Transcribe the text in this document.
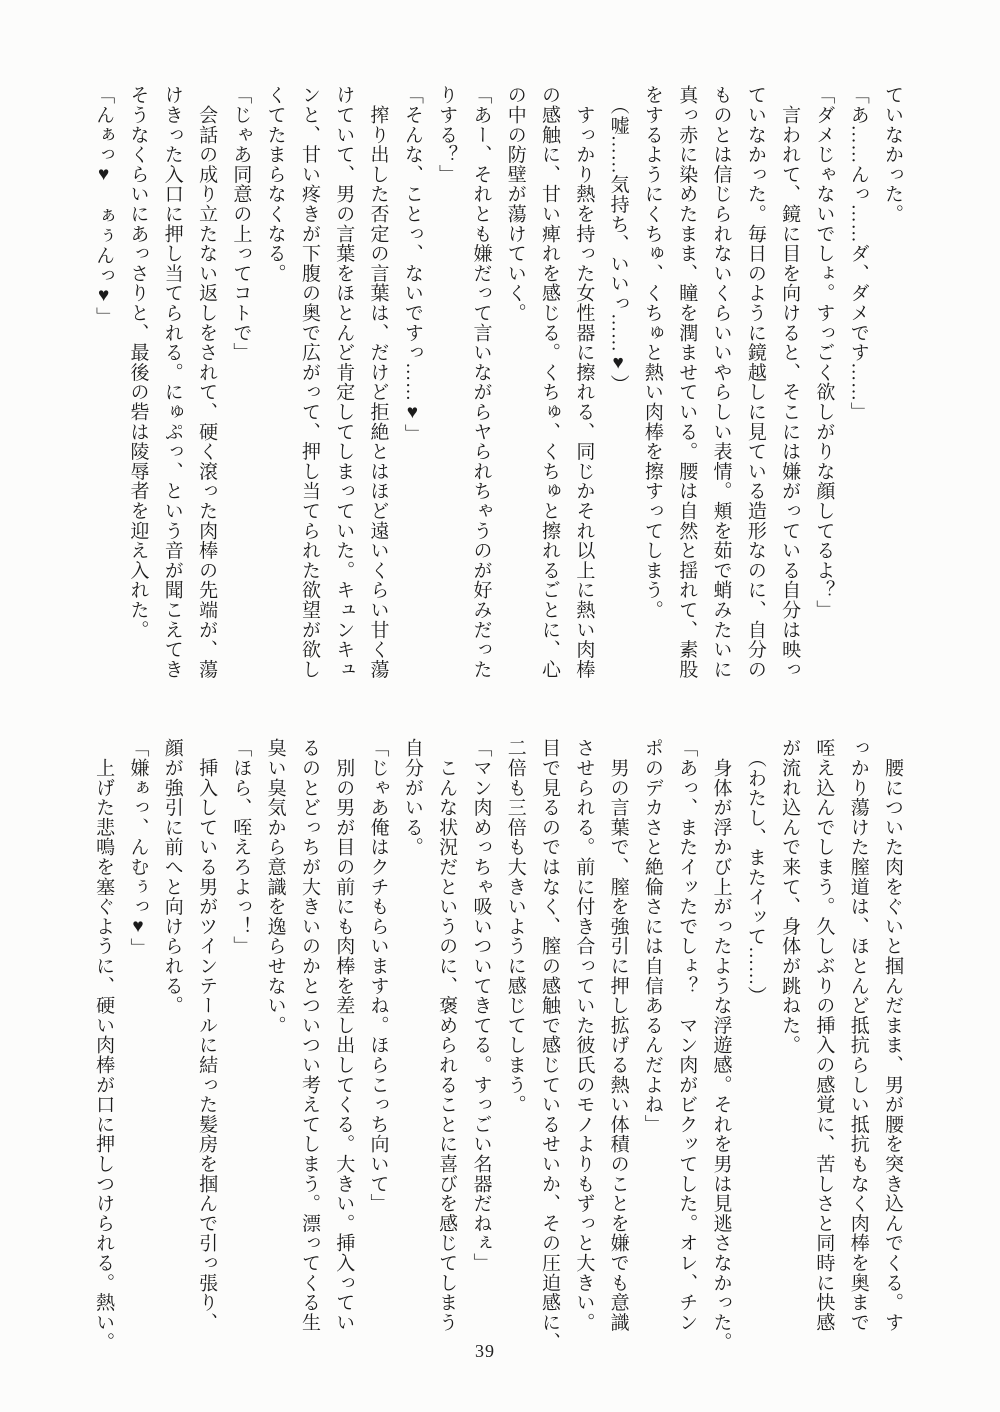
ていなかった。

「あ……んっ……ダ、ダメです……」

「ダメじゃないでしょ。すっごく欲しがりな顔してるよ？」

　言われて、鏡に目を向けると、そこには嫌がっている自分は映っ

ていなかった。毎日のように鏡越しに見ている造形なのに、自分の

ものとは信じられないくらいいやらしい表情。頬を茹で蛸みたいに

真っ赤に染めたまま、瞳を潤ませている。腰は自然と揺れて、素股

をするようにくちゅ、くちゅと熱い肉棒を擦すってしまう。

　（嘘……気持ち、いいっ……♥）

　すっかり熱を持った女性器に擦れる、同じかそれ以上に熱い肉棒

の感触に、甘い痺れを感じる。くちゅ、くちゅと擦れるごとに、心

の中の防壁が蕩けていく。

「あー、それとも嫌だって言いながらヤられちゃうのが好みだった

りする？」

「そんな、ことっ、ないですっ……♥」

　搾り出した否定の言葉は、だけど拒絶とはほど遠いくらい甘く蕩

けていて、男の言葉をほとんど肯定してしまっていた。キュンキュ

ンと、甘い疼きが下腹の奥で広がって、押し当てられた欲望が欲し

くてたまらなくなる。

「じゃあ同意の上ってコトで」

　会話の成り立たない返しをされて、硬く滾った肉棒の先端が、蕩

けきった入口に押し当てられる。にゅぷっ、という音が聞こえてき

そうなくらいにあっさりと、最後の砦は陵辱者を迎え入れた。

「んぁっ♥　ぁぅんっ♥」

　腰についた肉をぐいと掴んだまま、男が腰を突き込んでくる。す

っかり蕩けた膣道は、ほとんど抵抗らしい抵抗もなく肉棒を奥まで

咥え込んでしまう。久しぶりの挿入の感覚に、苦しさと同時に快感

が流れ込んで来て、身体が跳ねた。

　（わたし、またイッて……）

　身体が浮かび上がったような浮遊感。それを男は見逃さなかった。

「あっ、またイッたでしょ？　マン肉がビクッてした。オレ、チン

ポのデカさと絶倫さには自信あるんだよね」

　男の言葉で、膣を強引に押し拡げる熱い体積のことを嫌でも意識

させられる。前に付き合っていた彼氏のモノよりもずっと大きい。

目で見るのではなく、膣の感触で感じているせいか、その圧迫感に、

二倍も三倍も大きいように感じてしまう。

「マン肉めっちゃ吸いついてきてる。すっごい名器だねぇ」

　こんな状況だというのに、褒められることに喜びを感じてしまう

自分がいる。

「じゃあ俺はクチもらいますね。ほらこっち向いて」

　別の男が目の前にも肉棒を差し出してくる。大きい。挿入ってい

るのとどっちが大きいのかとついつい考えてしまう。漂ってくる生

臭い臭気から意識を逸らせない。

「ほら、咥えろよっ！」

　挿入している男がツインテールに結った髪房を掴んで引っ張り、

顔が強引に前へと向けられる。

「嫌ぁっ、んむぅっ♥」

　上げた悲鳴を塞ぐように、硬い肉棒が口に押しつけられる。熱い。	39
